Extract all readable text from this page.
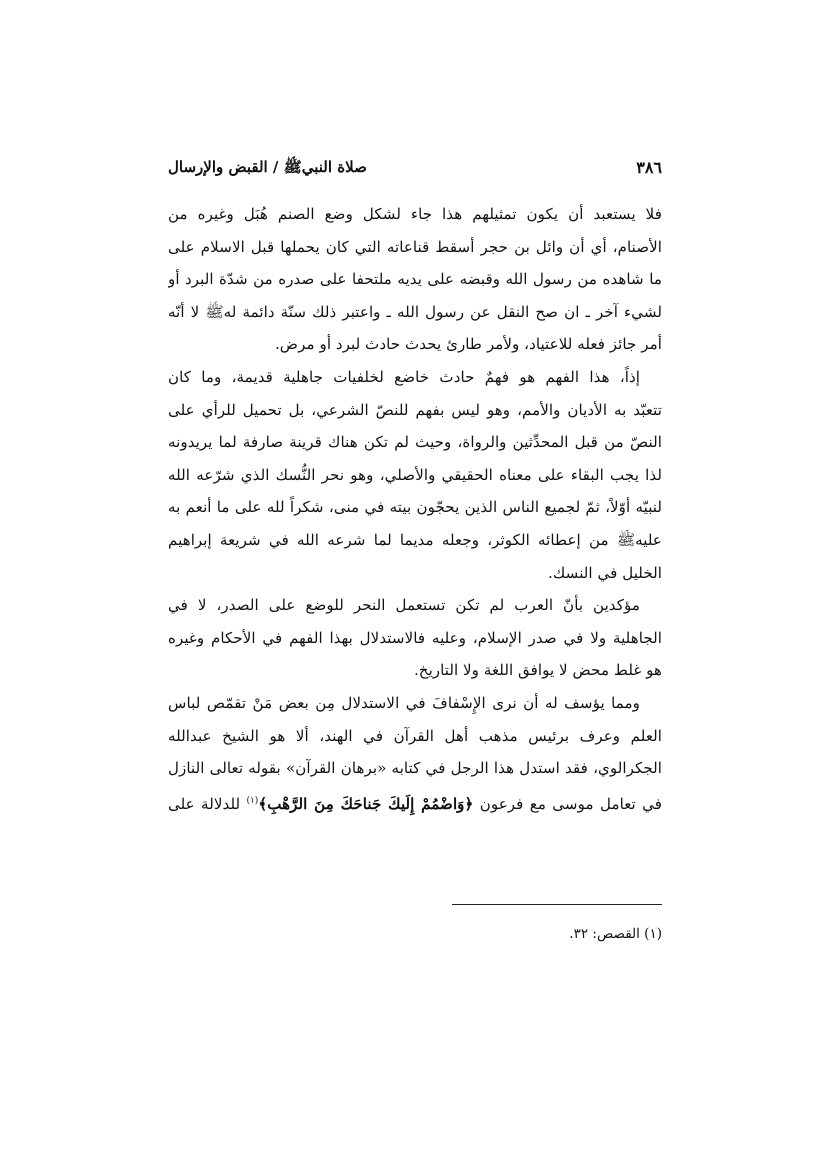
٣٨٦
صلاة النبيﷺ / القبض والإرسال
فلا يستعبد أن يكون تمثيلهم هذا جاء لشكل وضع الصنم هُبَل وغيره من
الأصنام، أي أن وائل بن حجر أسقط قناعاته التي كان يحملها قبل الاسلام على
ما شاهده من رسول الله وقبضه على يديه ملتحفا على صدره من شدّة البرد أو
لشيء آخر ـ ان صح النقل عن رسول الله ـ واعتبر ذلك سنّة دائمة لهﷺ لا أنّه
أمر جائز فعله للاعتياد، ولأمر طارئ يحدث حادث لبرد أو مرض.
إذاً، هذا الفهم هو فهمٌ حادث خاضع لخلفيات جاهلية قديمة، وما كان
تتعبّد به الأديان والأمم، وهو ليس بفهم للنصّ الشرعي، بل تحميل للرأي على
النصّ من قبل المحدِّثين والرواة، وحيث لم تكن هناك قرينة صارفة لما يريدونه
لذا يجب البقاء على معناه الحقيقي والأصلي، وهو نحر النُّسك الذي شرّعه الله
لنبيّه أوّلاً، ثمّ لجميع الناس الذين يحجّون بيته في منى، شكراً لله على ما أنعم به
عليهﷺ من إعطائه الكوثر، وجعله مديما لما شرعه الله في شريعة إبراهيم
الخليل في النسك.
مؤكدين بأنّ العرب لم تكن تستعمل النحر للوضع على الصدر، لا في
الجاهلية ولا في صدر الإسلام، وعليه فالاستدلال بهذا الفهم في الأحكام وغيره
هو غلط محض لا يوافق اللغة ولا التاريخ.
ومما يؤسف له أن نرى الإِسْفافَ في الاستدلال مِن بعض مَنْ تقمّص لباس
العلم وعرف برئيس مذهب أهل القرآن في الهند، ألا هو الشيخ عبدالله
الجكرالوي، فقد استدل هذا الرجل في كتابه «برهان القرآن» بقوله تعالى النازل
في تعامل موسى مع فرعون ﴿وَاضْمُمْ إِلَيكَ جَناحَكَ مِنَ الرَّهْبِ﴾$^{(١)}$ للدلالة على
(١) القصص: ٣٢.
